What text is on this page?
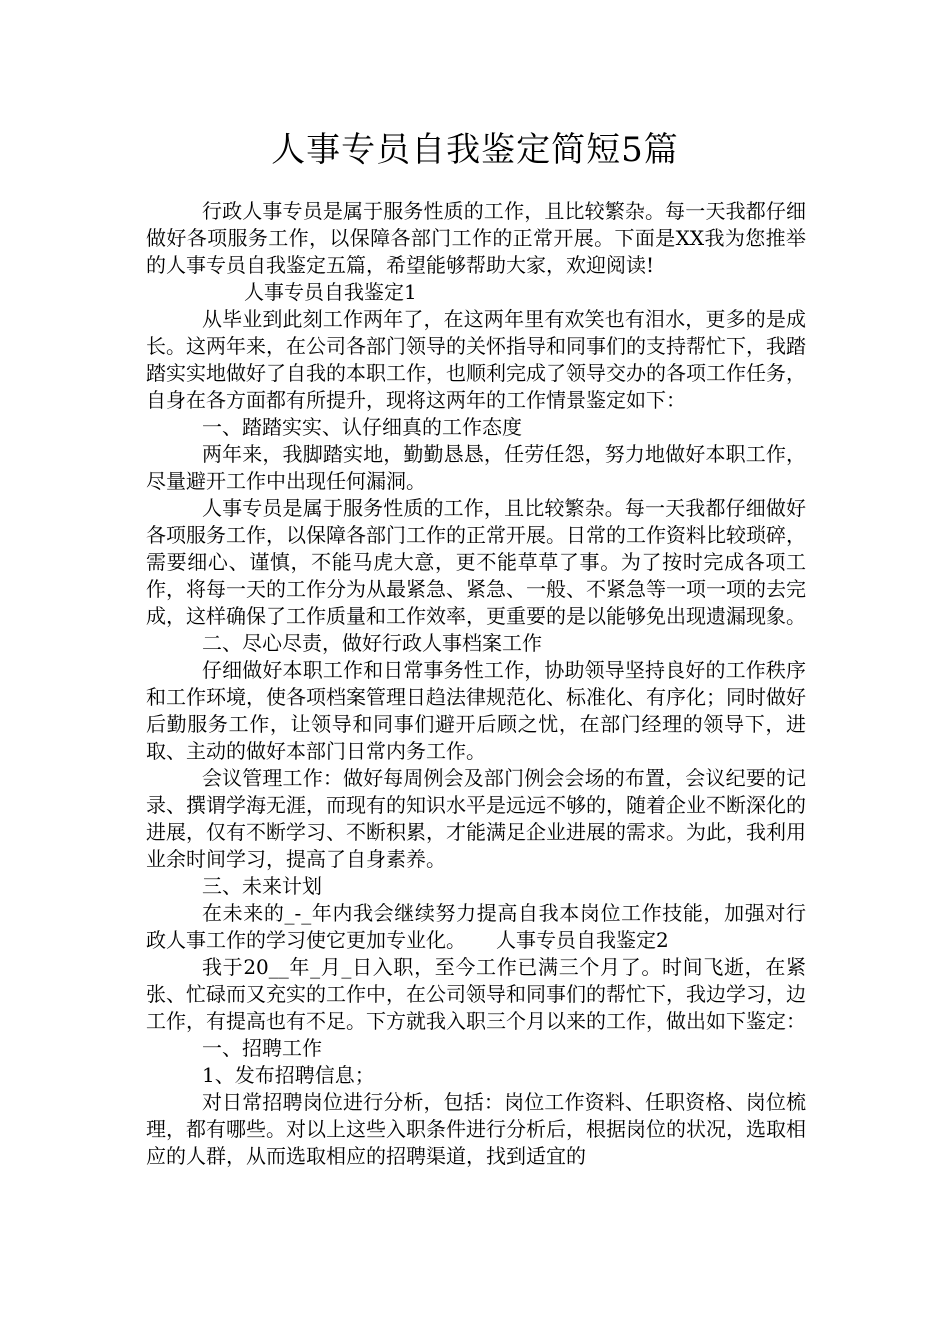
人事专员自我鉴定简短5篇

行政人事专员是属于服务性质的工作，且比较繁杂。每一天我都仔细做好各项服务工作，以保障各部门工作的正常开展。下面是XX我为您推举的人事专员自我鉴定五篇，希望能够帮助大家，欢迎阅读!

人事专员自我鉴定1

从毕业到此刻工作两年了，在这两年里有欢笑也有泪水，更多的是成长。这两年来，在公司各部门领导的关怀指导和同事们的支持帮忙下，我踏踏实实地做好了自我的本职工作，也顺利完成了领导交办的各项工作任务，自身在各方面都有所提升，现将这两年的工作情景鉴定如下：

一、踏踏实实、认仔细真的工作态度

两年来，我脚踏实地，勤勤恳恳，任劳任怨，努力地做好本职工作，尽量避开工作中出现任何漏洞。

人事专员是属于服务性质的工作，且比较繁杂。每一天我都仔细做好各项服务工作，以保障各部门工作的正常开展。日常的工作资料比较琐碎，需要细心、谨慎，不能马虎大意，更不能草草了事。为了按时完成各项工作，将每一天的工作分为从最紧急、紧急、一般、不紧急等一项一项的去完成，这样确保了工作质量和工作效率，更重要的是以能够免出现遗漏现象。

二、尽心尽责，做好行政人事档案工作

仔细做好本职工作和日常事务性工作，协助领导坚持良好的工作秩序和工作环境，使各项档案管理日趋法律规范化、标准化、有序化；同时做好后勤服务工作，让领导和同事们避开后顾之忧，在部门经理的领导下，进取、主动的做好本部门日常内务工作。

会议管理工作：做好每周例会及部门例会会场的布置，会议纪要的记录、撰谓学海无涯，而现有的知识水平是远远不够的，随着企业不断深化的进展，仅有不断学习、不断积累，才能满足企业进展的需求。为此，我利用业余时间学习，提高了自身素养。

三、未来计划

在未来的_-_年内我会继续努力提高自我本岗位工作技能，加强对行政人事工作的学习使它更加专业化。　　人事专员自我鉴定2

我于20__年_月_日入职，至今工作已满三个月了。时间飞逝，在紧张、忙碌而又充实的工作中，在公司领导和同事们的帮忙下，我边学习，边工作，有提高也有不足。下方就我入职三个月以来的工作，做出如下鉴定：

一、招聘工作

1、发布招聘信息；

对日常招聘岗位进行分析，包括：岗位工作资料、任职资格、岗位梳理，都有哪些。对以上这些入职条件进行分析后，根据岗位的状况，选取相应的人群，从而选取相应的招聘渠道，找到适宜的
